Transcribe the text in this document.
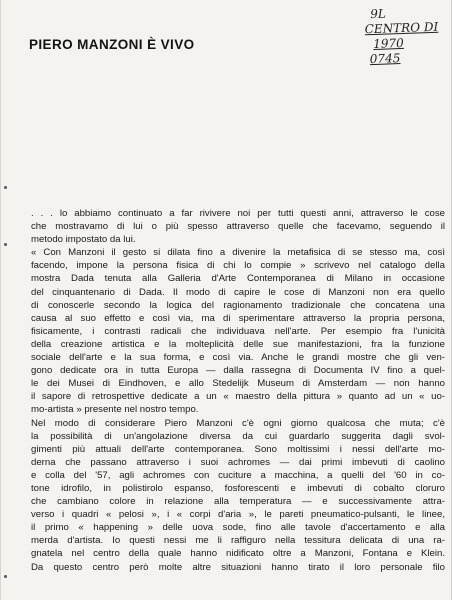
PIERO MANZONI È VIVO
9L
CENTRO DI
1970
0745
. . . lo abbiamo continuato a far rivivere noi per tutti questi anni, attraverso le cose
che mostravamo di lui o più spesso attraverso quelle che facevamo, seguendo il
metodo impostato da lui.
« Con Manzoni il gesto si dilata fino a divenire la metafisica di se stesso ma, così
facendo, impone la persona fisica di chi lo compie » scrivevo nel catalogo della
mostra Dada tenuta alla Galleria d'Arte Contemporanea di Milano in occasione
del cinquantenario di Dada. Il modo di capire le cose di Manzoni non era quello
di conoscerle secondo la logica del ragionamento tradizionale che concatena una
causa al suo effetto e così via, ma di sperimentare attraverso la propria persona,
fisicamente, i contrasti radicali che individuava nell'arte. Per esempio fra l'unicità
della creazione artistica e la molteplicità delle sue manifestazioni, fra la funzione
sociale dell'arte e la sua forma, e così via. Anche le grandi mostre che gli ven-
gono dedicate ora in tutta Europa — dalla rassegna di Documenta IV fino a quel-
le dei Musei di Eindhoven, e allo Stedelijk Museum di Amsterdam — non hanno
il sapore di retrospettive dedicate a un « maestro della pittura » quanto ad un « uo-
mo-artista » presente nel nostro tempo.
Nel modo di considerare Piero Manzoni c'è ogni giorno qualcosa che muta; c'è
la possibilità di un'angolazione diversa da cui guardarlo suggerita dagli svol-
gimenti più attuali dell'arte contemporanea. Sono moltissimi i nessi dell'arte mo-
derna che passano attraverso i suoi achromes — dai primi imbevuti di caolino
e colla del '57, agli achromes con cuciture a macchina, a quelli del '60 in co-
tone idrofilo, in polistirolo espanso, fosforescenti e imbevuti di cobalto cloruro
che cambiano colore in relazione alla temperatura — e successivamente attra-
verso i quadri « pelosi », i « corpi d'aria », le pareti pneumatico-pulsanti, le linee,
il primo « happening » delle uova sode, fino alle tavole d'accertamento e alla
merda d'artista. Io questi nessi me li raffiguro nella tessitura delicata di una ra-
gnatela nel centro della quale hanno nidificato oltre a Manzoni, Fontana e Klein.
Da questo centro però molte altre situazioni hanno tirato il loro personale filo
